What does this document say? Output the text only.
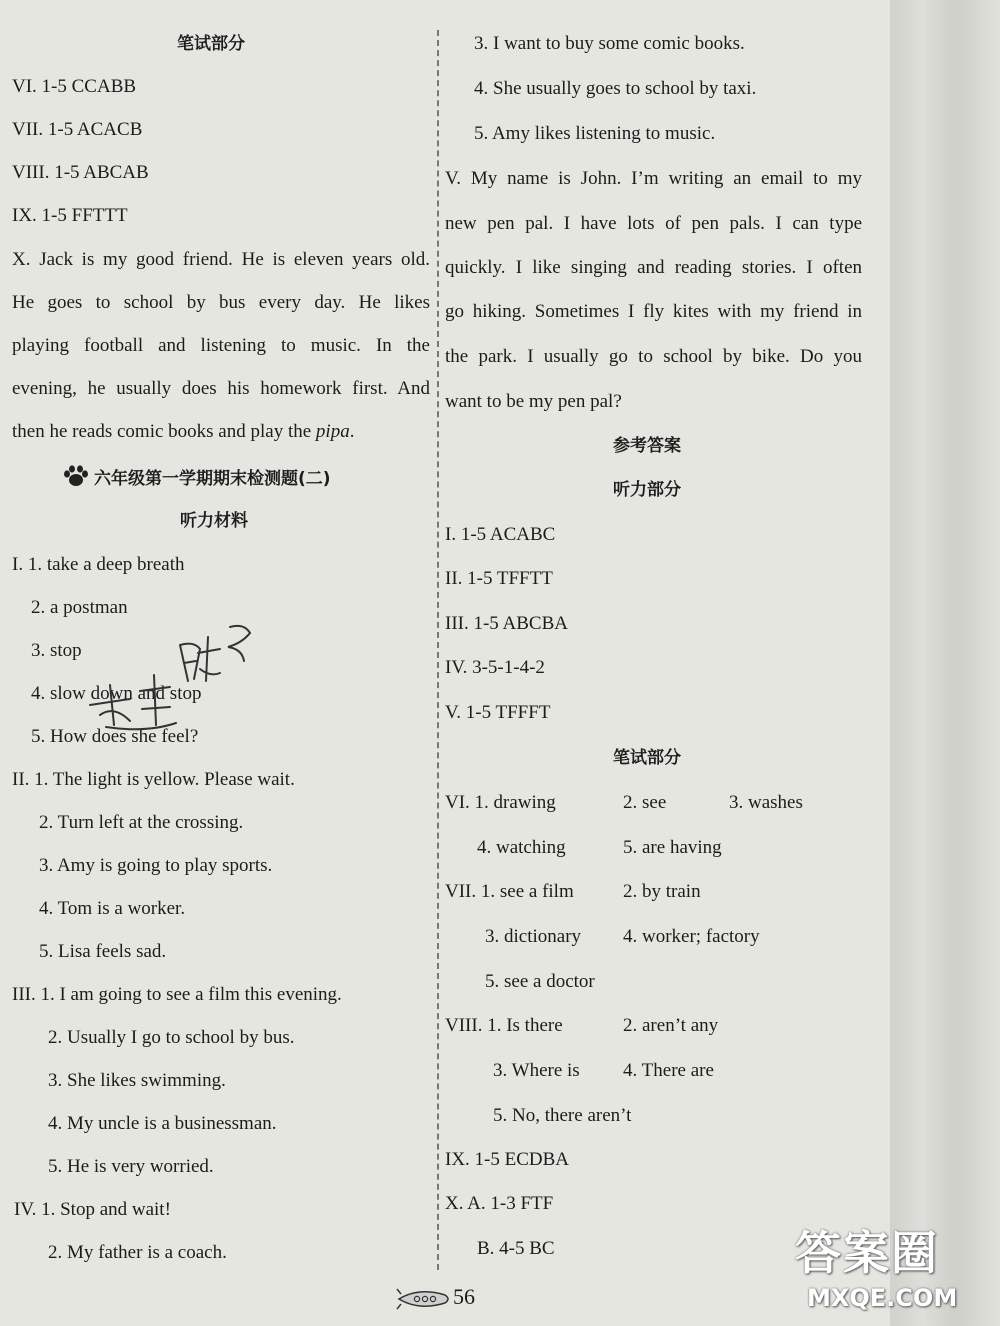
笔试部分
VI. 1-5 CCABB
VII. 1-5 ACACB
VIII. 1-5 ABCAB
IX. 1-5 FFTTT
X. Jack is my good friend. He is eleven years old.
He goes to school by bus every day. He likes
playing football and listening to music. In the
evening, he usually does his homework first. And
then he reads comic books and play the pipa.
六年级第一学期期末检测题(二)
听力材料
I. 1. take a deep breath
2. a postman
3. stop
4. slow down and stop
5. How does she feel?
II. 1. The light is yellow. Please wait.
2. Turn left at the crossing.
3. Amy is going to play sports.
4. Tom is a worker.
5. Lisa feels sad.
III. 1. I am going to see a film this evening.
2. Usually I go to school by bus.
3. She likes swimming.
4. My uncle is a businessman.
5. He is very worried.
IV. 1. Stop and wait!
2. My father is a coach.
3. I want to buy some comic books.
4. She usually goes to school by taxi.
5. Amy likes listening to music.
V. My name is John. I’m writing an email to my
new pen pal. I have lots of pen pals. I can type
quickly. I like singing and reading stories. I often
go hiking. Sometimes I fly kites with my friend in
the park. I usually go to school by bike. Do you
want to be my pen pal?
参考答案
听力部分
I. 1-5 ACABC
II. 1-5 TFFTT
III. 1-5 ABCBA
IV. 3-5-1-4-2
V. 1-5 TFFFT
笔试部分
VI. 1. drawing	2. see	3. washes
4. watching	5. are having
VII. 1. see a film	2. by train
3. dictionary 4. worker; factory
5. see a doctor
VIII. 1. Is there	2. aren’t any
3. Where is 4. There are
5. No, there aren’t
IX. 1-5 ECDBA
X. A. 1-3 FTF
B. 4-5 BC
56
答案圈
MXQE.COM
